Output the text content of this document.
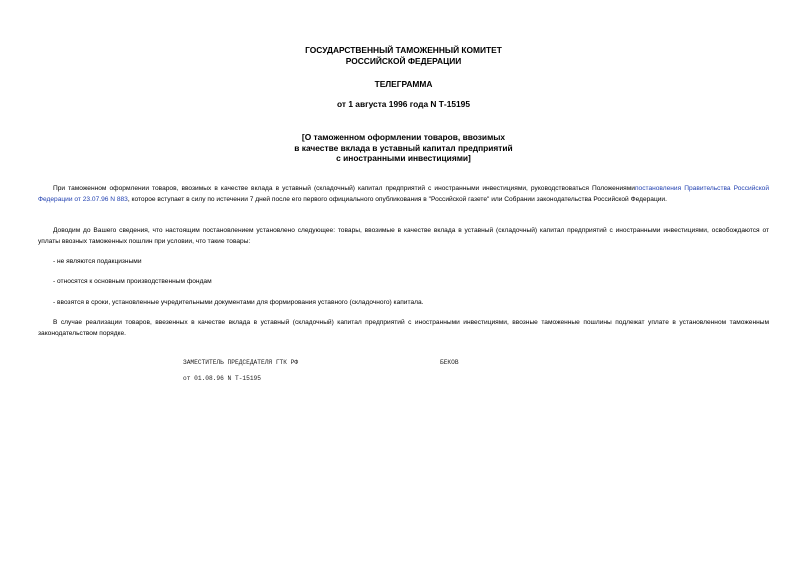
ГОСУДАРСТВЕННЫЙ ТАМОЖЕННЫЙ КОМИТЕТ
РОССИЙСКОЙ ФЕДЕРАЦИИ
ТЕЛЕГРАММА
от 1 августа 1996 года N Т-15195
[О таможенном оформлении товаров, ввозимых
в качестве вклада в уставный капитал предприятий
с иностранными инвестициями]

При таможенном оформлении товаров, ввозимых в качестве вклада в уставный (складочный) капитал предприятий с иностранными инвестициями, руководствоваться Положениямипостановления Правительства Российской Федерации от 23.07.96 N 883, которое вступает в силу по истечении 7 дней после его первого официального опубликования в "Российской газете" или Собрании законодательства Российской Федерации.

Доводим до Вашего сведения, что настоящим постановлением установлено следующее: товары, ввозимые в качестве вклада в уставный (складочный) капитал предприятий с иностранными инвестициями, освобождаются от уплаты ввозных таможенных пошлин при условии, что такие товары:

- не являются подакцизными

- относятся к основным производственным фондам

- ввозятся в сроки, установленные учредительными документами для формирования уставного (складочного) капитала.

В случае реализации товаров, ввезенных в качестве вклада в уставный (складочный) капитал предприятий с иностранными инвестициями, ввозные таможенные пошлины подлежат уплате в установленном таможенным законодательством порядке.

ЗАМЕСТИТЕЛЬ ПРЕДСЕДАТЕЛЯ ГТК РФ	БЕКОВ
от 01.08.96 N Т-15195
